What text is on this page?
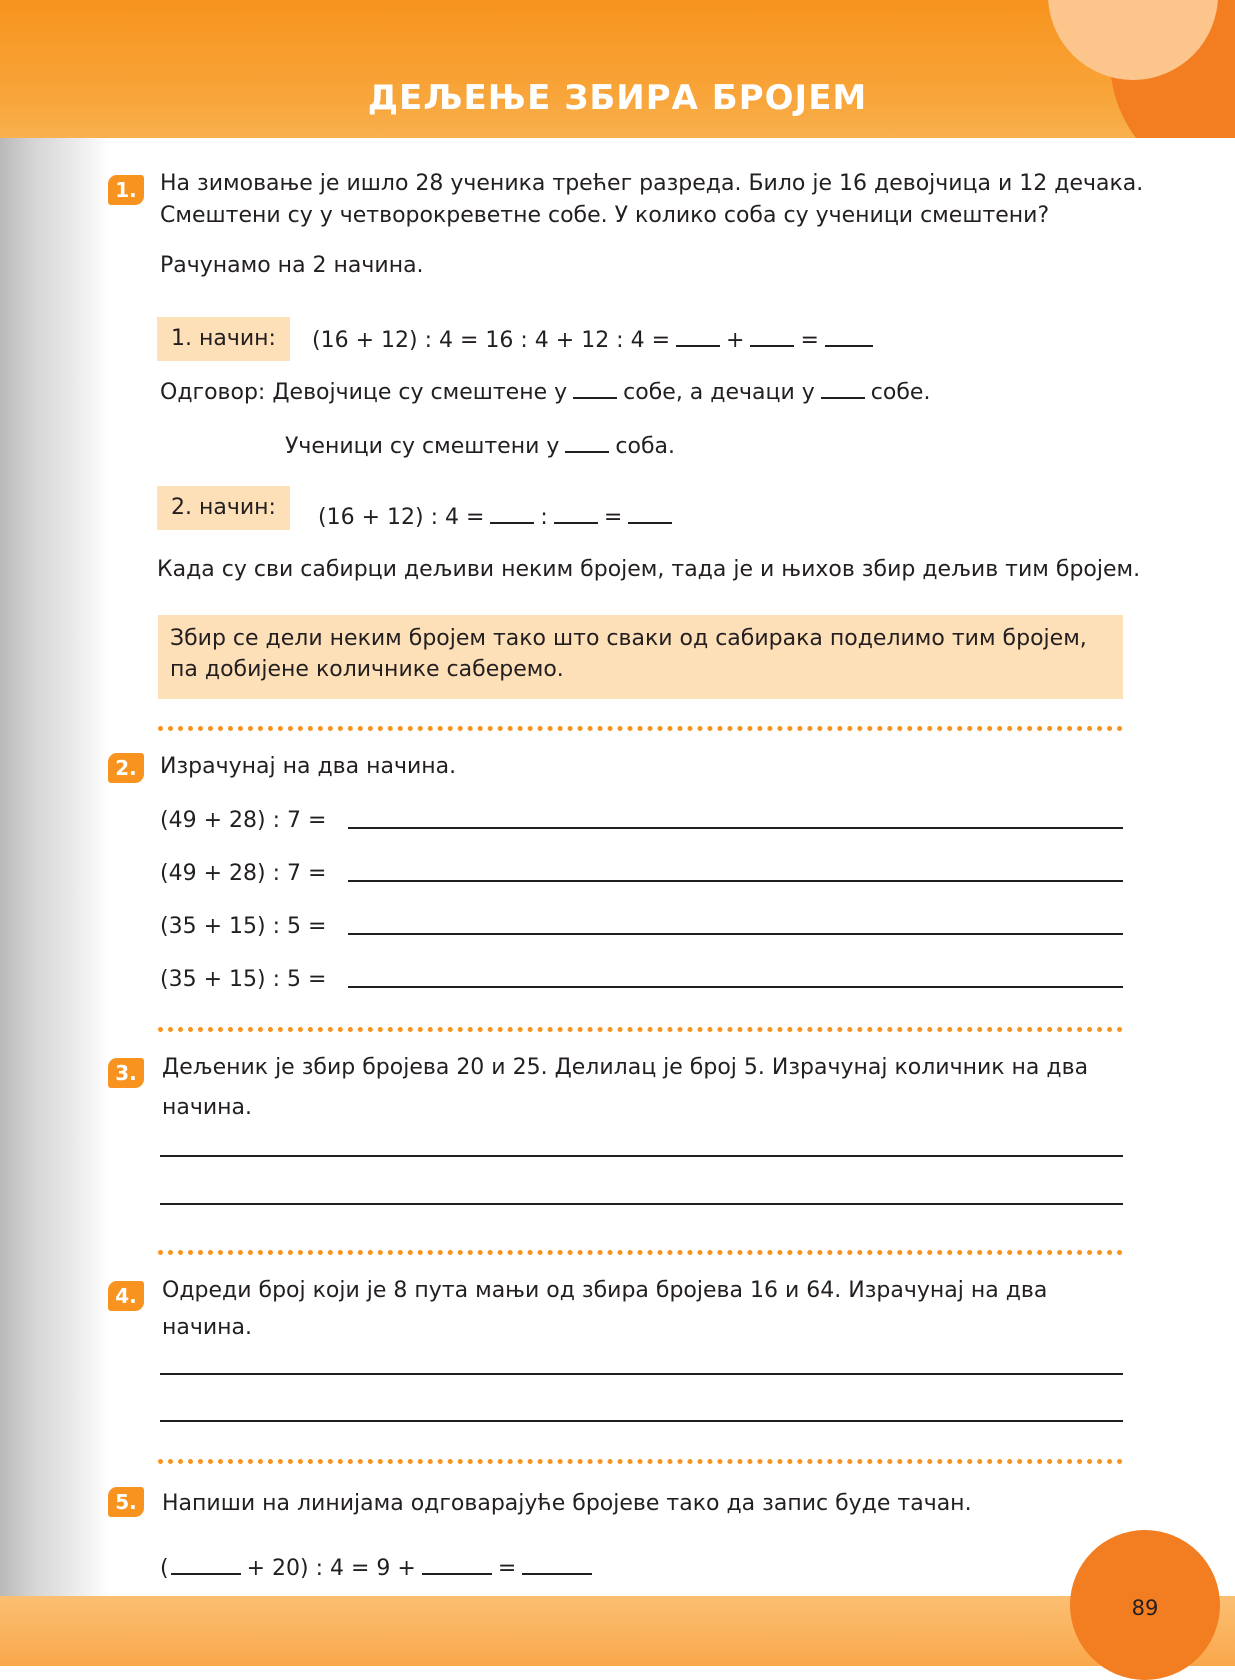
ДЕЉЕЊЕ ЗБИРА БРОЈЕМ
1.	На зимовање је ишло 28 ученика трећег разреда. Било је 16 девојчица и 12 дечака.
Смештени су у четворокреветне собе. У колико соба су ученици смештени?
Рачунамо на 2 начина.
1. начин: (16 + 12) : 4 = 16 : 4 + 12 : 4 =	+	=
Одговор: Девојчице су смештене у	собе, а дечаци у	собе.
Ученици су смештени у	соба.
2. начин: (16 + 12) : 4 =	:	=
Када су сви сабирци дељиви неким бројем, тада је и њихов збир дељив тим бројем.
Збир се дели неким бројем тако што сваки од сабирака поделимо тим бројем,
па добијене количнике саберемо.
2.	Израчунај на два начина.
(49 + 28) : 7 =
(49 + 28) : 7 =
(35 + 15) : 5 =
(35 + 15) : 5 =
3.	Дељеник је збир бројева 20 и 25. Делилац је број 5. Израчунај количник на два
начина.
4.	Одреди број који је 8 пута мањи од збира бројева 16 и 64. Израчунај на два
начина.
5.	Напиши на линијама одговарајуће бројеве тако да запис буде тачан.
(	+ 20) : 4 = 9 +	=
89
